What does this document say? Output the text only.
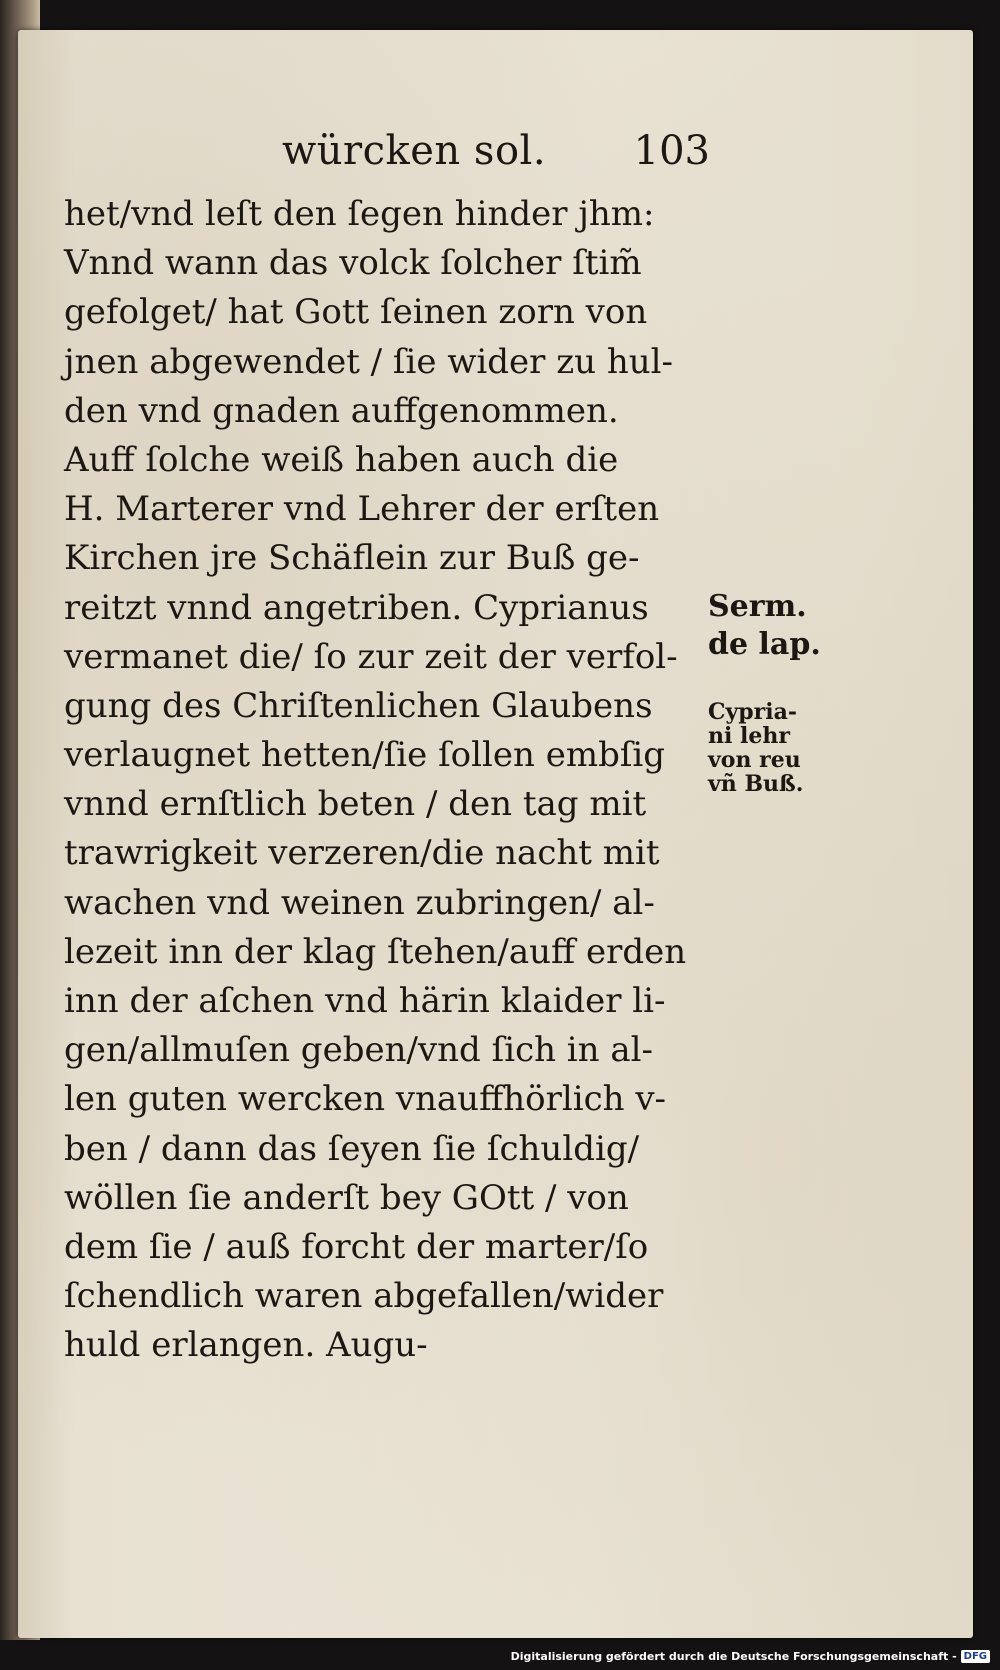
würcken sol. 103
het/vnd leſt den ſegen hinder jhm:
Vnnd wann das volck ſolcher ſtim̃
gefolget/ hat Gott ſeinen zorn von
jnen abgewendet / ſie wider zu hul-
den vnd gnaden auffgenommen.
Auff ſolche weiß haben auch die
H. Marterer vnd Lehrer der erſten
Kirchen jre Schäflein zur Buß ge-
reitzt vnnd angetriben. Cyprianus
vermanet die/ ſo zur zeit der verfol-
gung des Chriſtenlichen Glaubens
verlaugnet hetten/ſie ſollen embſig
vnnd ernſtlich beten / den tag mit
trawrigkeit verzeren/die nacht mit
wachen vnd weinen zubringen/ al-
lezeit inn der klag ſtehen/auff erden
inn der aſchen vnd härin klaider li-
gen/allmuſen geben/vnd ſich in al-
len guten wercken vnauffhörlich v-
ben / dann das ſeyen ſie ſchuldig/
wöllen ſie anderſt bey GOtt / von
dem ſie / auß forcht der marter/ſo
ſchendlich waren abgefallen/wider
huld erlangen. Augu-
Serm.
de lap.
Cypria-
ni lehr
von reu
vñ Buß.
Digitalisierung gefördert durch die Deutsche Forschungsgemeinschaft - DFG
